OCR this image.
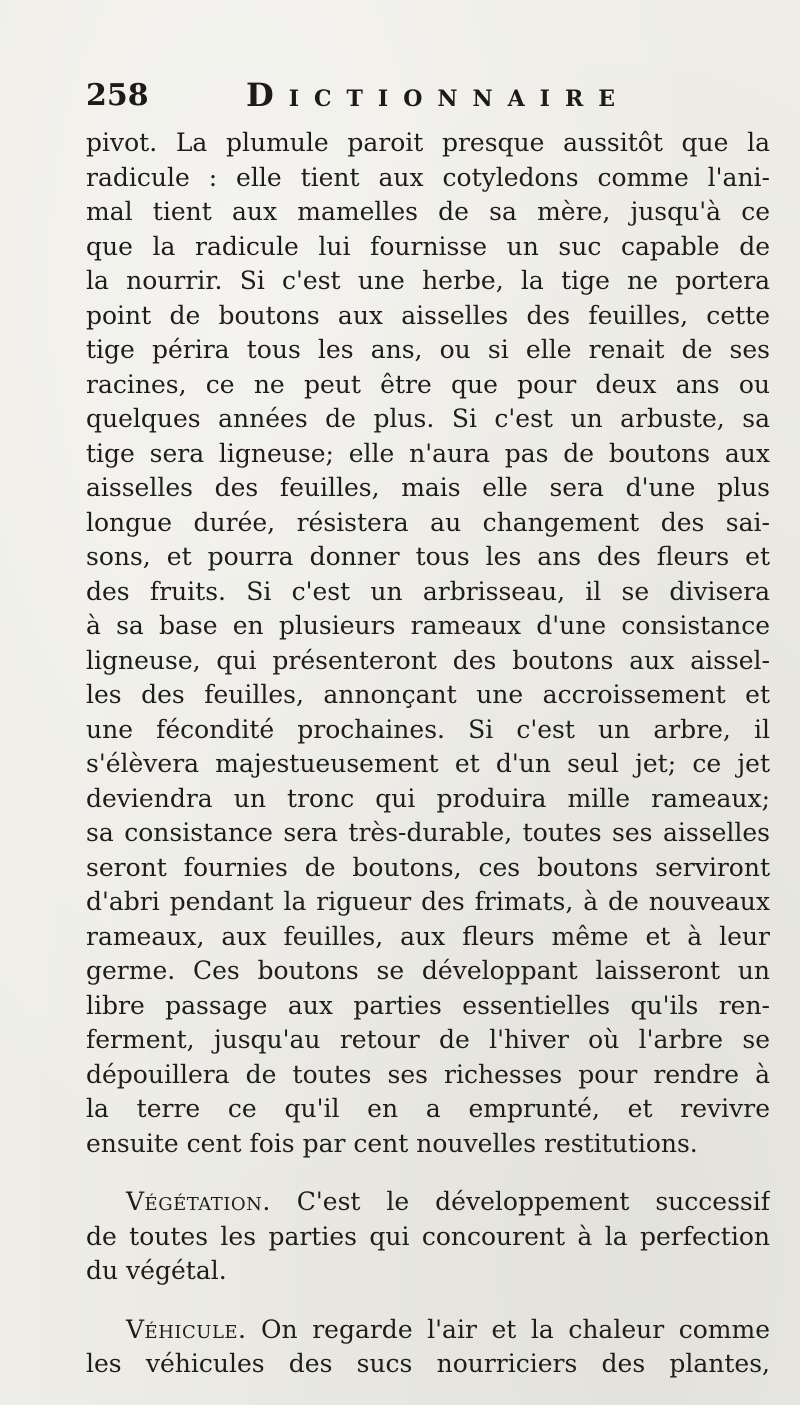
258	Dictionnaire
pivot. La plumule paroit presque aussitôt que la
radicule : elle tient aux cotyledons comme l'ani-
mal tient aux mamelles de sa mère, jusqu'à ce
que la radicule lui fournisse un suc capable de
la nourrir. Si c'est une herbe, la tige ne portera
point de boutons aux aisselles des feuilles, cette
tige périra tous les ans, ou si elle renait de ses
racines, ce ne peut être que pour deux ans ou
quelques années de plus. Si c'est un arbuste, sa
tige sera ligneuse; elle n'aura pas de boutons aux
aisselles des feuilles, mais elle sera d'une plus
longue durée, résistera au changement des sai-
sons, et pourra donner tous les ans des fleurs et
des fruits. Si c'est un arbrisseau, il se divisera
à sa base en plusieurs rameaux d'une consistance
ligneuse, qui présenteront des boutons aux aissel-
les des feuilles, annonçant une accroissement et
une fécondité prochaines. Si c'est un arbre, il
s'élèvera majestueusement et d'un seul jet; ce jet
deviendra un tronc qui produira mille rameaux;
sa consistance sera très-durable, toutes ses aisselles
seront fournies de boutons, ces boutons serviront
d'abri pendant la rigueur des frimats, à de nouveaux
rameaux, aux feuilles, aux fleurs même et à leur
germe. Ces boutons se développant laisseront un
libre passage aux parties essentielles qu'ils ren-
ferment, jusqu'au retour de l'hiver où l'arbre se
dépouillera de toutes ses richesses pour rendre à
la terre ce qu'il en a emprunté, et revivre
ensuite cent fois par cent nouvelles restitutions.
Végétation. C'est le développement successif
de toutes les parties qui concourent à la perfection
du végétal.
Véhicule. On regarde l'air et la chaleur comme
les véhicules des sucs nourriciers des plantes,
